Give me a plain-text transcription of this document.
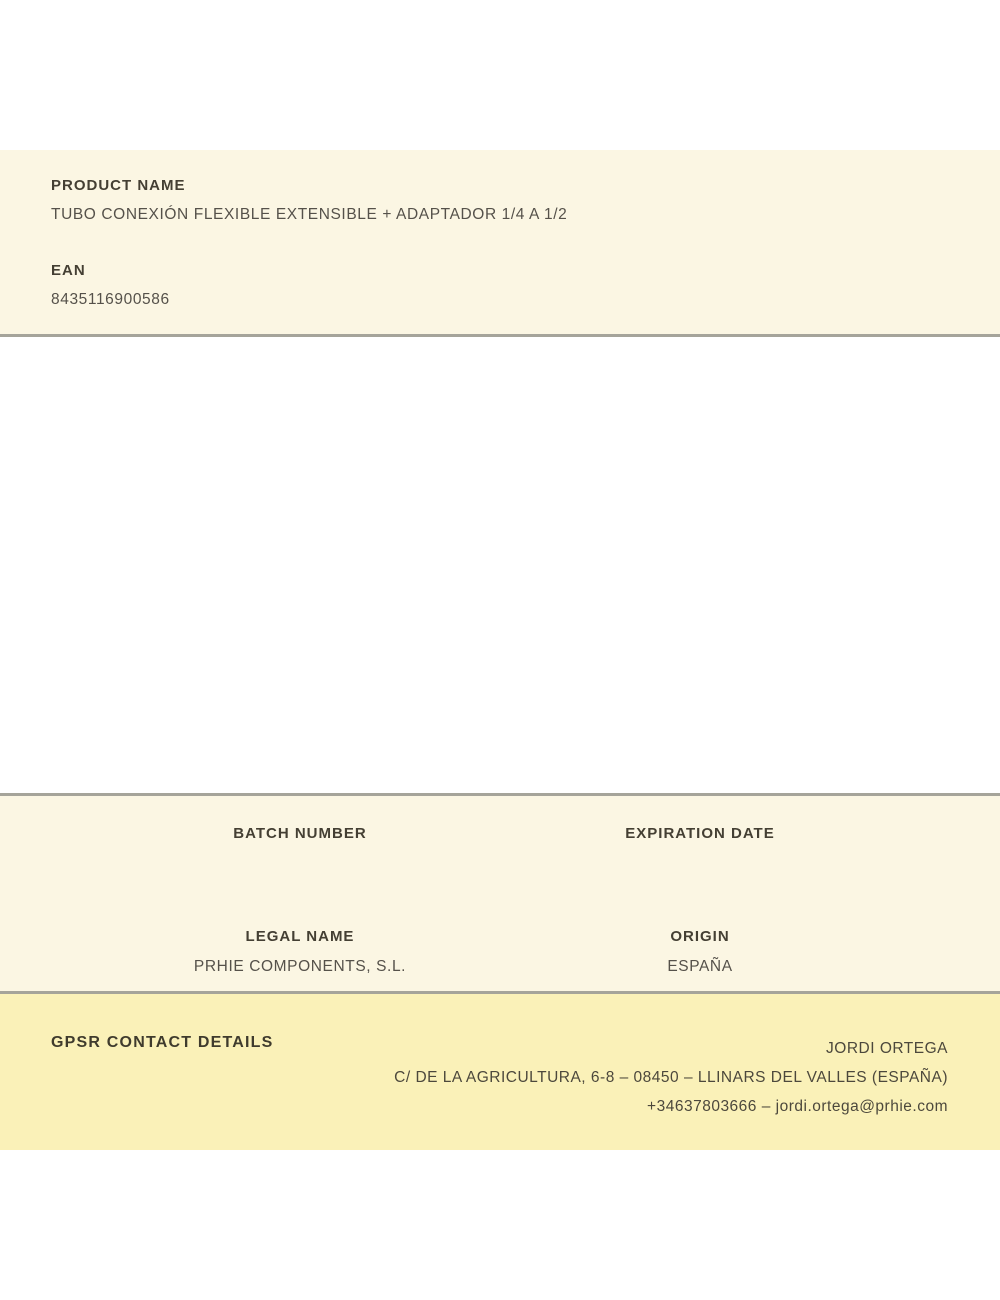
PRODUCT NAME
TUBO CONEXIÓN FLEXIBLE EXTENSIBLE + ADAPTADOR 1/4 A 1/2
EAN
8435116900586
BATCH NUMBER	EXPIRATION DATE
LEGAL NAME
PRHIE COMPONENTS, S.L.
ORIGIN
ESPAÑA
GPSR CONTACT DETAILS	JORDI ORTEGA
C/ DE LA AGRICULTURA, 6-8 – 08450 – LLINARS DEL VALLES (ESPAÑA)
+34637803666 – jordi.ortega@prhie.com
